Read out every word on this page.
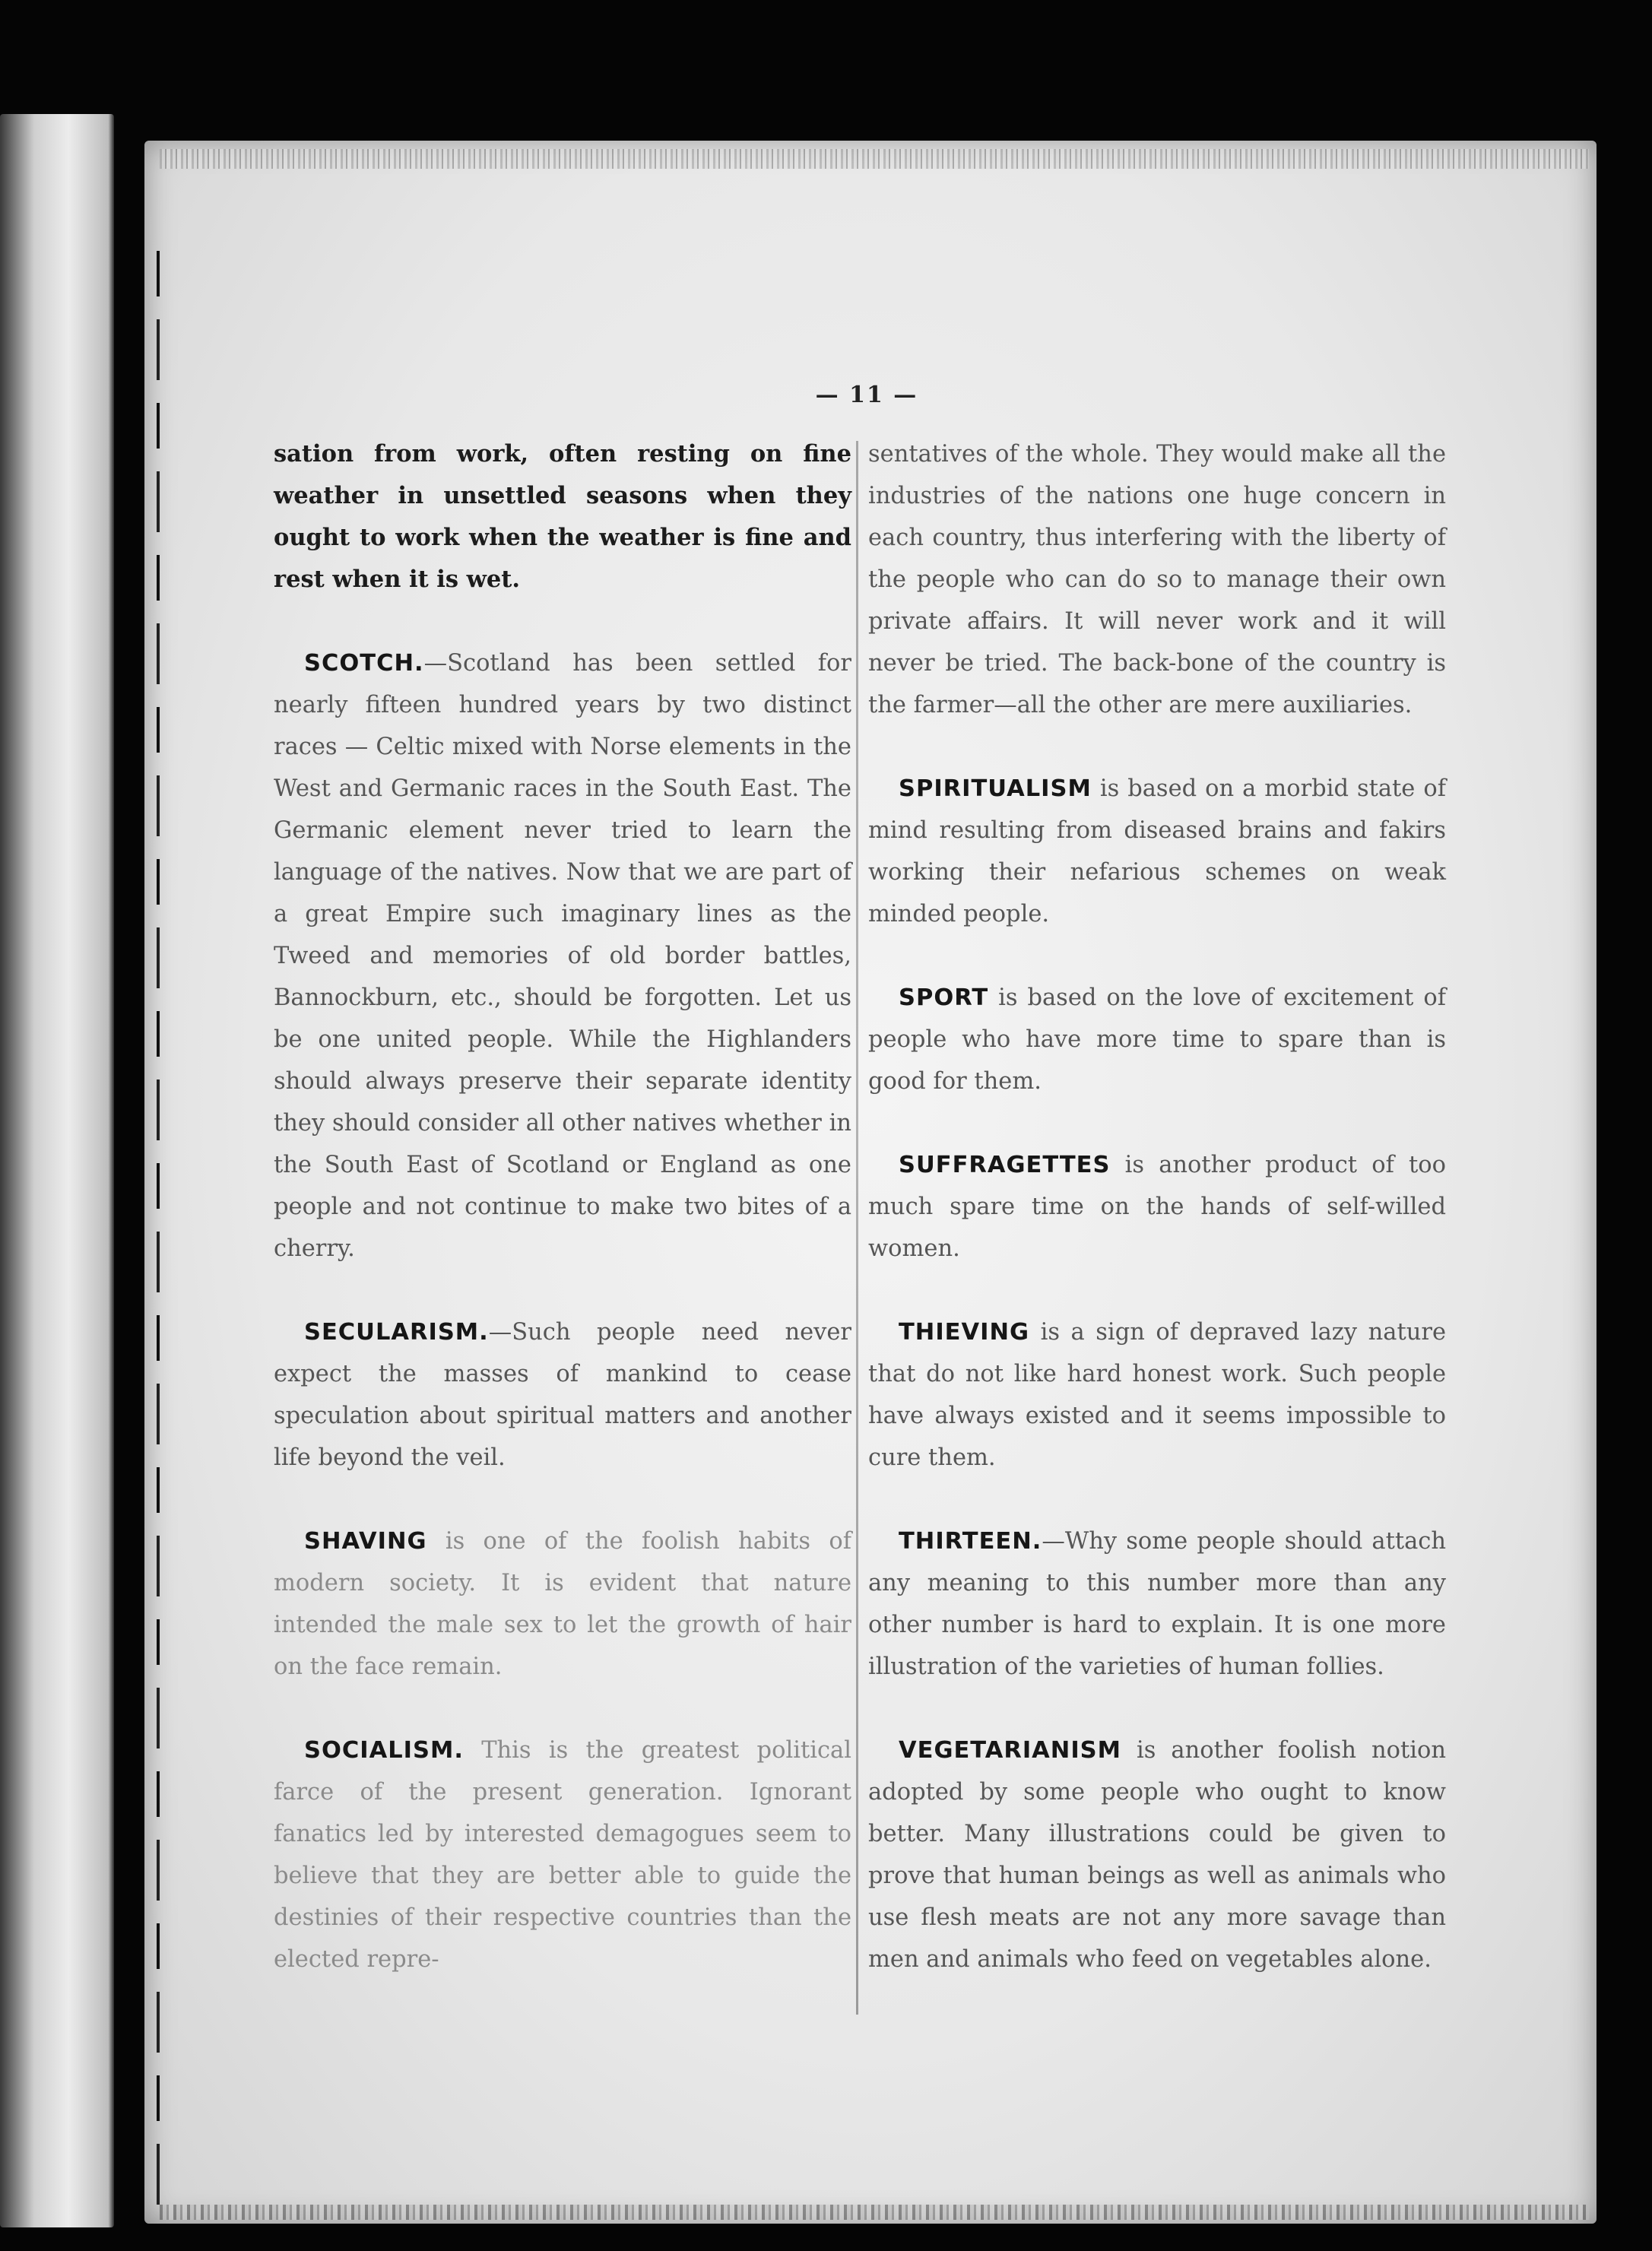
— 11 —
sation from work, often resting on fine weather in unsettled seasons when they ought to work when the weather is fine and rest when it is wet.
SCOTCH.—Scotland has been settled for nearly fifteen hundred years by two distinct races — Celtic mixed with Norse elements in the West and Germanic races in the South East. The Germanic element never tried to learn the language of the natives. Now that we are part of a great Empire such imaginary lines as the Tweed and memories of old border battles, Bannockburn, etc., should be forgotten. Let us be one united people. While the Highlanders should always preserve their separate identity they should consider all other natives whether in the South East of Scotland or England as one people and not continue to make two bites of a cherry.
SECULARISM.—Such people need never expect the masses of mankind to cease speculation about spiritual matters and another life beyond the veil.
SHAVING is one of the foolish habits of modern society. It is evident that nature intended the male sex to let the growth of hair on the face remain.
SOCIALISM. This is the greatest political farce of the present generation. Ignorant fanatics led by interested demagogues seem to believe that they are better able to guide the destinies of their respective countries than the elected repre-
sentatives of the whole. They would make all the industries of the nations one huge concern in each country, thus interfering with the liberty of the people who can do so to manage their own private affairs. It will never work and it will never be tried. The back-bone of the country is the farmer—all the other are mere auxiliaries.
SPIRITUALISM is based on a morbid state of mind resulting from diseased brains and fakirs working their nefarious schemes on weak minded people.
SPORT is based on the love of excitement of people who have more time to spare than is good for them.
SUFFRAGETTES is another product of too much spare time on the hands of self-willed women.
THIEVING is a sign of depraved lazy nature that do not like hard honest work. Such people have always existed and it seems impossible to cure them.
THIRTEEN.—Why some people should attach any meaning to this number more than any other number is hard to explain. It is one more illustration of the varieties of human follies.
VEGETARIANISM is another foolish notion adopted by some people who ought to know better. Many illustrations could be given to prove that human beings as well as animals who use flesh meats are not any more savage than men and animals who feed on vegetables alone.
